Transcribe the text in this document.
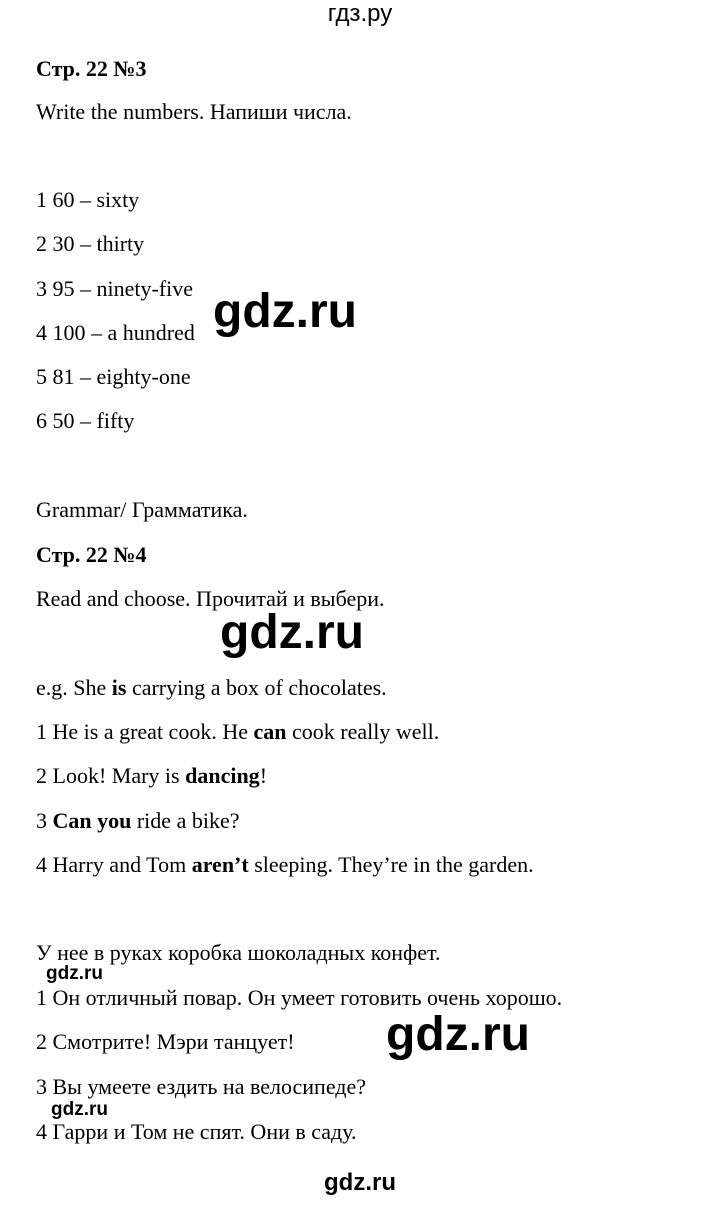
гдз.ру
Стр. 22 №3
Write the numbers. Напиши числа.
1 60 – sixty
2 30 – thirty
3 95 – ninety-five
4 100 – a hundred
5 81 – eighty-one
6 50 – fifty
Grammar/ Грамматика.
Стр. 22 №4
Read and choose. Прочитай и выбери.
e.g. She is carrying a box of chocolates.
1 He is a great cook. He can cook really well.
2 Look! Mary is dancing!
3 Can you ride a bike?
4 Harry and Tom aren’t sleeping. They’re in the garden.
У нее в руках коробка шоколадных конфет.
1 Он отличный повар. Он умеет готовить очень хорошо.
2 Смотрите! Мэри танцует!
3 Вы умеете ездить на велосипеде?
4 Гарри и Том не спят. Они в саду.
gdz.ru
gdz.ru
gdz.ru
gdz.ru
gdz.ru
gdz.ru
